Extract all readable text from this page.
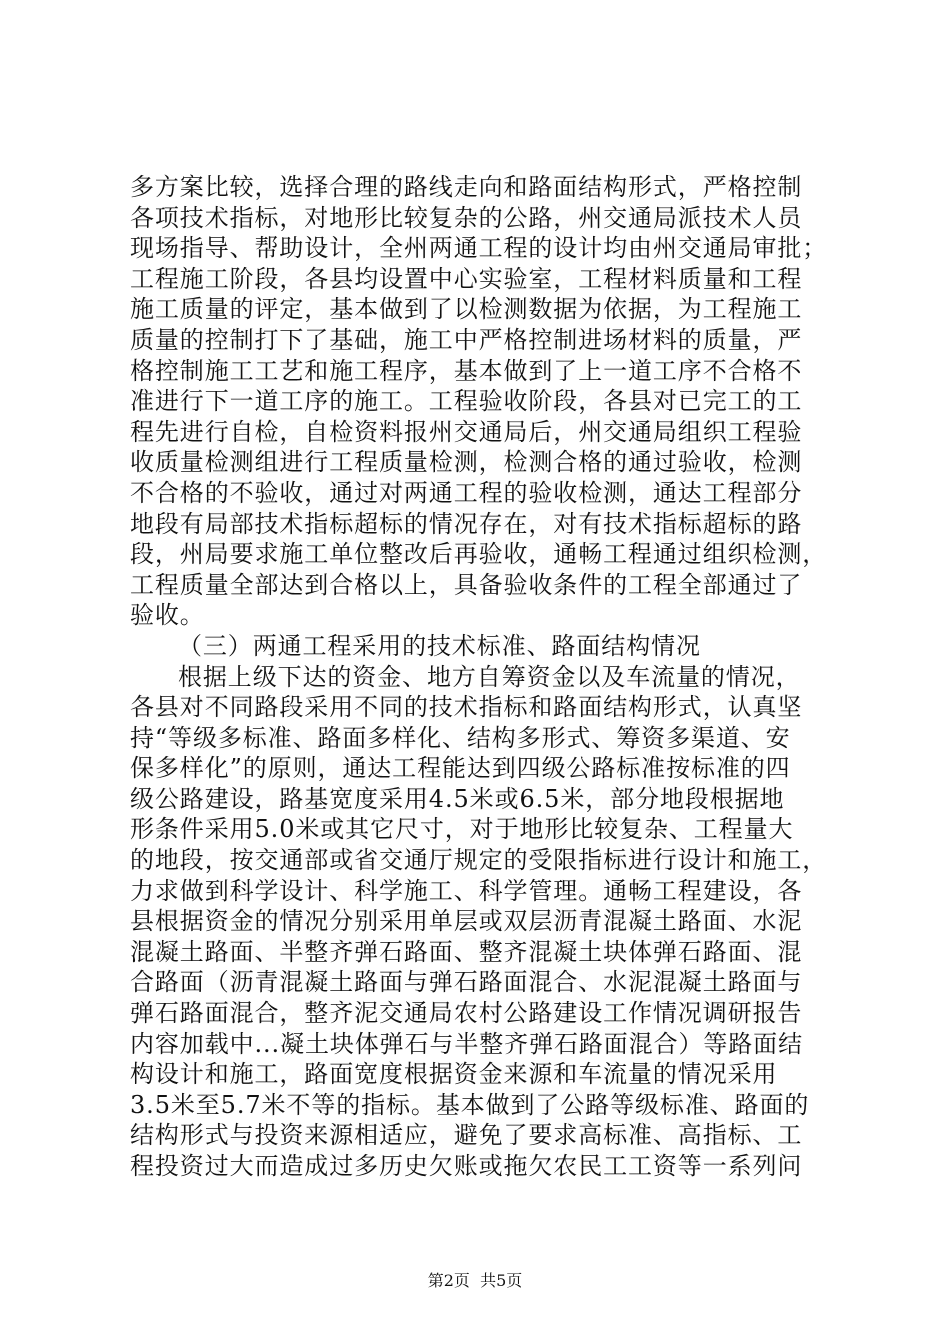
多方案比较，选择合理的路线走向和路面结构形式，严格控制
各项技术指标，对地形比较复杂的公路，州交通局派技术人员
现场指导、帮助设计，全州两通工程的设计均由州交通局审批；
工程施工阶段，各县均设置中心实验室，工程材料质量和工程
施工质量的评定，基本做到了以检测数据为依据，为工程施工
质量的控制打下了基础，施工中严格控制进场材料的质量，严
格控制施工工艺和施工程序，基本做到了上一道工序不合格不
准进行下一道工序的施工。工程验收阶段，各县对已完工的工
程先进行自检，自检资料报州交通局后，州交通局组织工程验
收质量检测组进行工程质量检测，检测合格的通过验收，检测
不合格的不验收，通过对两通工程的验收检测，通达工程部分
地段有局部技术指标超标的情况存在，对有技术指标超标的路
段，州局要求施工单位整改后再验收，通畅工程通过组织检测，
工程质量全部达到合格以上，具备验收条件的工程全部通过了
验收。
（三）两通工程采用的技术标准、路面结构情况
根据上级下达的资金、地方自筹资金以及车流量的情况，
各县对不同路段采用不同的技术指标和路面结构形式，认真坚
持“等级多标准、路面多样化、结构多形式、筹资多渠道、安
保多样化”的原则，通达工程能达到四级公路标准按标准的四
级公路建设，路基宽度采用4.5米或6.5米，部分地段根据地
形条件采用5.0米或其它尺寸，对于地形比较复杂、工程量大
的地段，按交通部或省交通厅规定的受限指标进行设计和施工，
力求做到科学设计、科学施工、科学管理。通畅工程建设，各
县根据资金的情况分别采用单层或双层沥青混凝土路面、水泥
混凝土路面、半整齐弹石路面、整齐混凝土块体弹石路面、混
合路面（沥青混凝土路面与弹石路面混合、水泥混凝土路面与
弹石路面混合，整齐泥交通局农村公路建设工作情况调研报告
内容加载中...凝土块体弹石与半整齐弹石路面混合）等路面结
构设计和施工，路面宽度根据资金来源和车流量的情况采用
3.5米至5.7米不等的指标。基本做到了公路等级标准、路面的
结构形式与投资来源相适应，避免了要求高标准、高指标、工
程投资过大而造成过多历史欠账或拖欠农民工工资等一系列问
第2页  共5页
